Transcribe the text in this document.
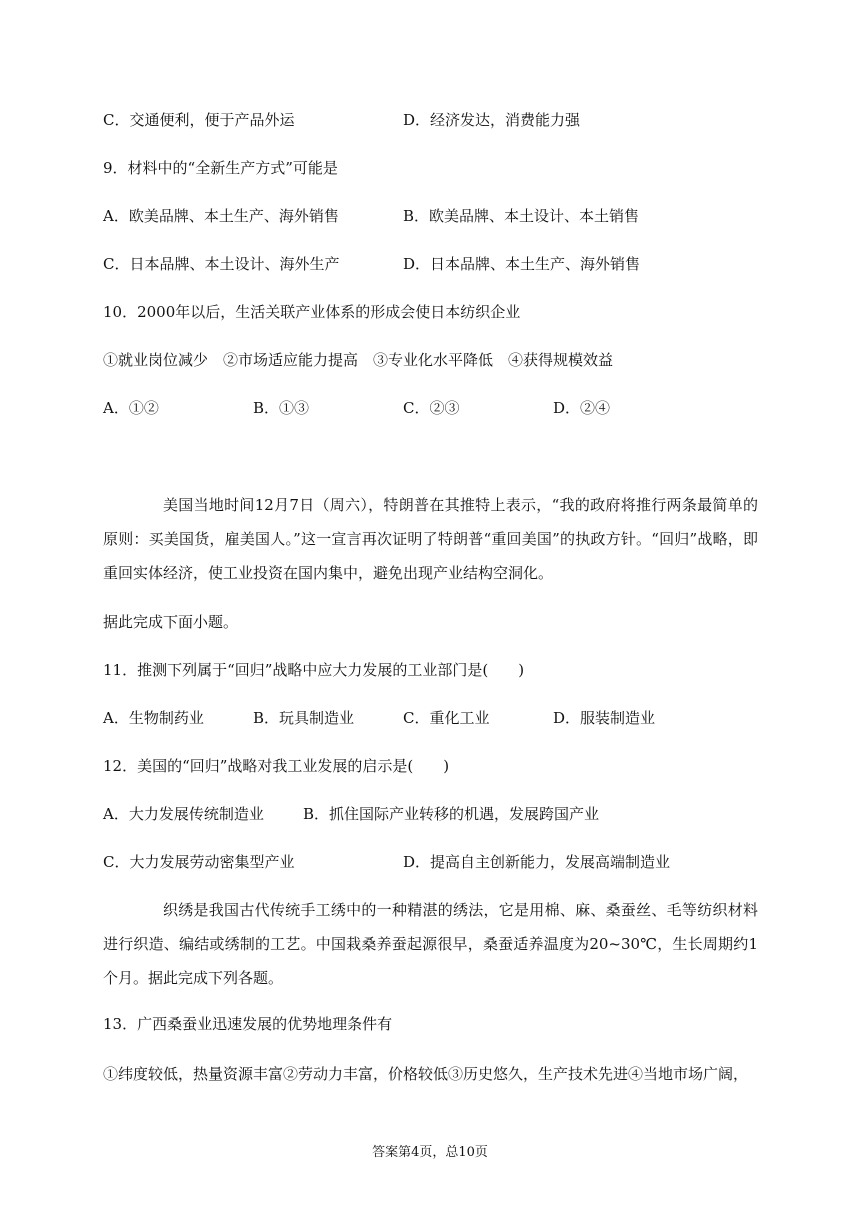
C．交通便利，便于产品外运	D．经济发达，消费能力强
9．材料中的“全新生产方式”可能是
A．欧美品牌、本土生产、海外销售	B．欧美品牌、本土设计、本土销售
C．日本品牌、本土设计、海外生产	D．日本品牌、本土生产、海外销售
10．2000年以后，生活关联产业体系的形成会使日本纺织企业
①就业岗位减少　②市场适应能力提高　③专业化水平降低　④获得规模效益
A．①②	B．①③	C．②③	D．②④

美国当地时间12月7日（周六），特朗普在其推特上表示，“我的政府将推行两条最简单的原则：买美国货，雇美国人。”这一宣言再次证明了特朗普“重回美国”的执政方针。“回归”战略，即重回实体经济，使工业投资在国内集中，避免出现产业结构空洞化。

据此完成下面小题。
11．推测下列属于“回归”战略中应大力发展的工业部门是(　　)
A．生物制药业	B．玩具制造业	C．重化工业	D．服装制造业
12．美国的“回归”战略对我工业发展的启示是(　　)
A．大力发展传统制造业	B．抓住国际产业转移的机遇，发展跨国产业
C．大力发展劳动密集型产业	D．提高自主创新能力，发展高端制造业

织绣是我国古代传统手工绣中的一种精湛的绣法，它是用棉、麻、桑蚕丝、毛等纺织材料进行织造、编结或绣制的工艺。中国栽桑养蚕起源很早，桑蚕适养温度为20~30℃，生长周期约1个月。据此完成下列各题。

13．广西桑蚕业迅速发展的优势地理条件有
①纬度较低，热量资源丰富②劳动力丰富，价格较低③历史悠久，生产技术先进④当地市场广阔，
答案第4页，总10页
